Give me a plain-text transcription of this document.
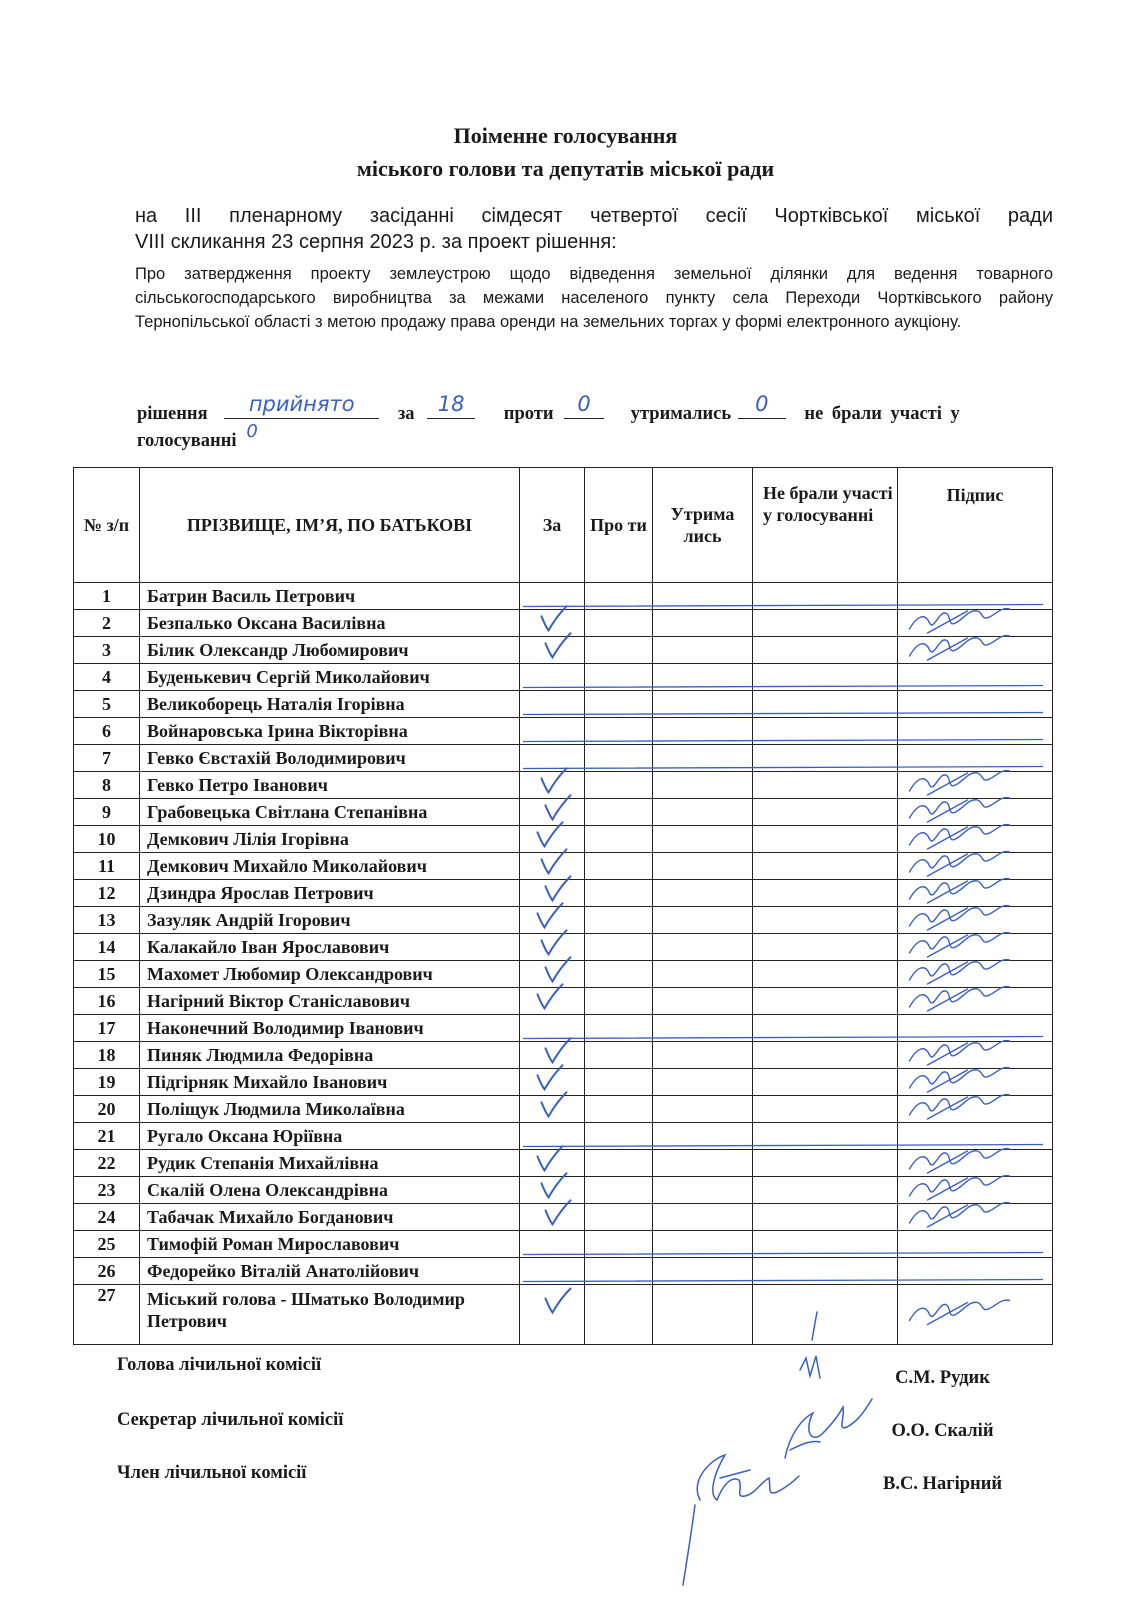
Поіменне голосування
міського голови та депутатів міської ради
на ІІІ пленарному засіданні сімдесят четвертої сесії Чортківської міської ради
VIII скликання 23 серпня 2023 р. за проект рішення:
Про затвердження проекту землеустрою щодо відведення земельної ділянки для ведення товарного сільськогосподарського виробництва за межами населеного пункту села Переходи Чортківського району Тернопільської області з метою продажу права оренди на земельних торгах у формі електронного аукціону.
рішення прийнято за 18 проти 0 утримались 0 не брали участі у
голосуванні 0
№ з/п	ПРІЗВИЩЕ, ІМ’Я, ПО БАТЬКОВІ	За	Про ти	Утрима лись	Не брали участі у голосуванні	Підпис
1	Батрин Василь Петрович					
2	Безпалько Оксана Василівна					
3	Білик Олександр Любомирович					
4	Буденькевич Сергій Миколайович					
5	Великоборець Наталія Ігорівна					
6	Войнаровська Ірина Вікторівна					
7	Гевко Євстахій Володимирович					
8	Гевко Петро Іванович					
9	Грабовецька Світлана Степанівна					
10	Демкович Лілія Ігорівна					
11	Демкович Михайло Миколайович					
12	Дзиндра Ярослав Петрович					
13	Зазуляк Андрій Ігорович					
14	Калакайло Іван Ярославович					
15	Махомет Любомир Олександрович					
16	Нагірний Віктор Станіславович					
17	Наконечний Володимир Іванович					
18	Пиняк Людмила Федорівна					
19	Підгірняк Михайло Іванович					
20	Поліщук Людмила Миколаївна					
21	Ругало Оксана Юріївна					
22	Рудик Степанія Михайлівна					
23	Скалій Олена Олександрівна					
24	Табачак Михайло Богданович					
25	Тимофій Роман Мирославович					
26	Федорейко Віталій Анатолійович					
27	Міський голова - Шматько Володимир Петрович					
Голова лічильної комісії
С.М. Рудик
Секретар лічильної комісії
О.О. Скалій
Член лічильної комісії
В.С. Нагірний
